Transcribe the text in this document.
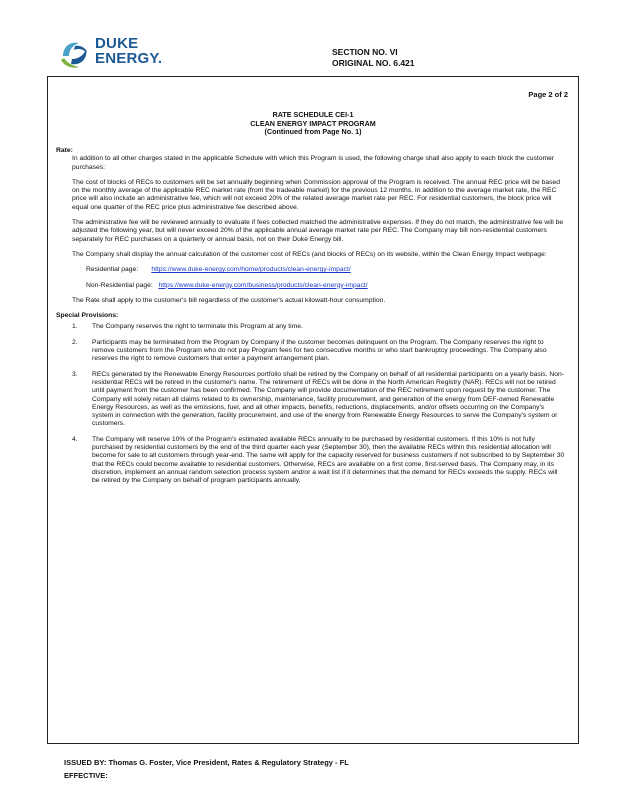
DUKE
ENERGY.	SECTION NO. VI
ORIGINAL NO. 6.421
Page 2 of 2
RATE SCHEDULE CEI-1
CLEAN ENERGY IMPACT PROGRAM
(Continued from Page No. 1)

Rate:

In addition to all other charges stated in the applicable Schedule with which this Program is used, the following charge shall also apply to each block the customer purchases:

The cost of blocks of RECs to customers will be set annually beginning when Commission approval of the Program is received. The annual REC price will be based on the monthly average of the applicable REC market rate (from the tradeable market) for the previous 12 months. In addition to the average market rate, the REC price will also include an administrative fee, which will not exceed 20% of the related average market rate per REC. For residential customers, the block price will equal one quarter of the REC price plus administrative fee described above.

The administrative fee will be reviewed annually to evaluate if fees collected matched the administrative expenses. If they do not match, the administrative fee will be adjusted the following year, but will never exceed 20% of the applicable annual average market rate per REC. The Company may bill non-residential customers separately for REC purchases on a quarterly or annual basis, not on their Duke Energy bill.

The Company shall display the annual calculation of the customer cost of RECs (and blocks of RECs) on its website, within the Clean Energy Impact webpage:

Residential page: https://www.duke-energy.com/home/products/clean-energy-impact/
Non-Residential page: https://www.duke-energy.com/business/products/clean-energy-impact/

The Rate shall apply to the customer's bill regardless of the customer's actual kilowatt-hour consumption.

Special Provisions:

1. The Company reserves the right to terminate this Program at any time.
2. Participants may be terminated from the Program by Company if the customer becomes delinquent on the Program. The Company reserves the right to remove customers from the Program who do not pay Program fees for two consecutive months or who start bankruptcy proceedings. The Company also reserves the right to remove customers that enter a payment arrangement plan.
3. RECs generated by the Renewable Energy Resources portfolio shall be retired by the Company on behalf of all residential participants on a yearly basis. Non-residential RECs will be retired in the customer's name. The retirement of RECs will be done in the North American Registry (NAR). RECs will not be retired until payment from the customer has been confirmed. The Company will provide documentation of the REC retirement upon request by the customer. The Company will solely retain all claims related to its ownership, maintenance, facility procurement, and generation of the energy from DEF-owned Renewable Energy Resources, as well as the emissions, fuel, and all other impacts, benefits, reductions, displacements, and/or offsets occurring on the Company's system in connection with the generation, facility procurement, and use of the energy from Renewable Energy Resources to serve the Company's system or customers.
4. The Company will reserve 10% of the Program's estimated available RECs annually to be purchased by residential customers. If this 10% is not fully purchased by residential customers by the end of the third quarter each year (September 30), then the available RECs within this residential allocation will become for sale to all customers through year-end. The same will apply for the capacity reserved for business customers if not subscribed to by September 30 that the RECs could become available to residential customers. Otherwise, RECs are available on a first come, first-served basis. The Company may, in its discretion, implement an annual random selection process system and/or a wait list if it determines that the demand for RECs exceeds the supply. RECs will be retired by the Company on behalf of program participants annually.
ISSUED BY: Thomas G. Foster, Vice President, Rates & Regulatory Strategy - FL
EFFECTIVE:
